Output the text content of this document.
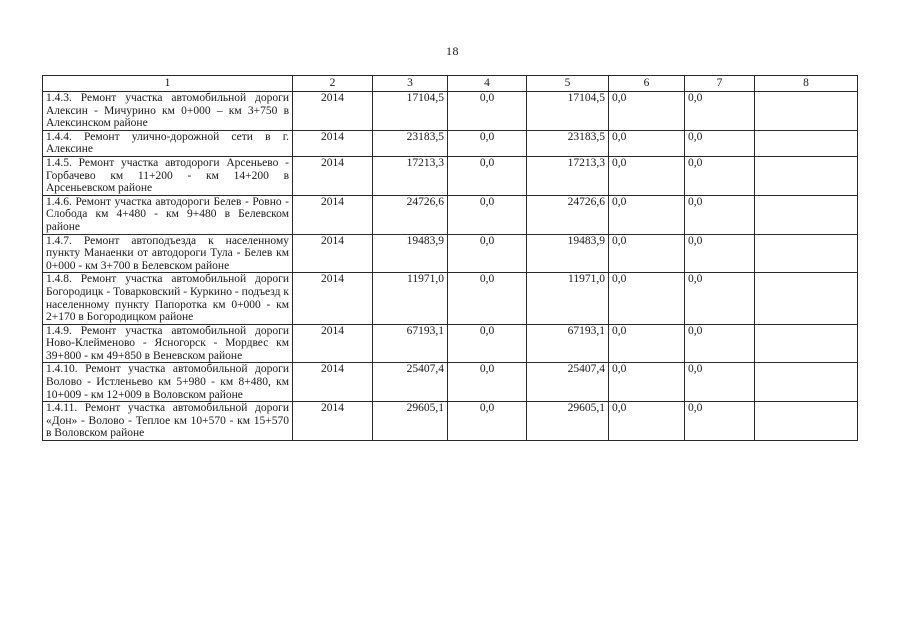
18
1	2	3	4	5	6	7	8
1.4.3. Ремонт участка автомобильной дороги Алексин - Мичурино км 0+000 – км 3+750 в Алексинском районе	2014	17104,5	0,0	17104,5	0,0	0,0	
1.4.4. Ремонт улично-дорожной сети в г. Алексине	2014	23183,5	0,0	23183,5	0,0	0,0	
1.4.5. Ремонт участка автодороги Арсеньево - Горбачево км 11+200 - км 14+200 в Арсеньевском районе	2014	17213,3	0,0	17213,3	0,0	0,0	
1.4.6. Ремонт участка автодороги Белев - Ровно - Слобода км 4+480 - км 9+480 в Белевском районе	2014	24726,6	0,0	24726,6	0,0	0,0	
1.4.7. Ремонт автоподъезда к населенному пункту Манаенки от автодороги Тула - Белев км 0+000 - км 3+700 в Белевском районе	2014	19483,9	0,0	19483,9	0,0	0,0	
1.4.8. Ремонт участка автомобильной дороги Богородицк - Товарковский - Куркино - подъезд к населенному пункту Папоротка км 0+000 - км 2+170 в Богородицком районе	2014	11971,0	0,0	11971,0	0,0	0,0	
1.4.9. Ремонт участка автомобильной дороги Ново-Клейменово - Ясногорск - Мордвес км 39+800 - км 49+850 в Веневском районе	2014	67193,1	0,0	67193,1	0,0	0,0	
1.4.10. Ремонт участка автомобильной дороги Волово - Истленьево км 5+980 - км 8+480, км 10+009 - км 12+009 в Воловском районе	2014	25407,4	0,0	25407,4	0,0	0,0	
1.4.11. Ремонт участка автомобильной дороги «Дон» - Волово - Теплое км 10+570 - км 15+570 в Воловском районе	2014	29605,1	0,0	29605,1	0,0	0,0	
